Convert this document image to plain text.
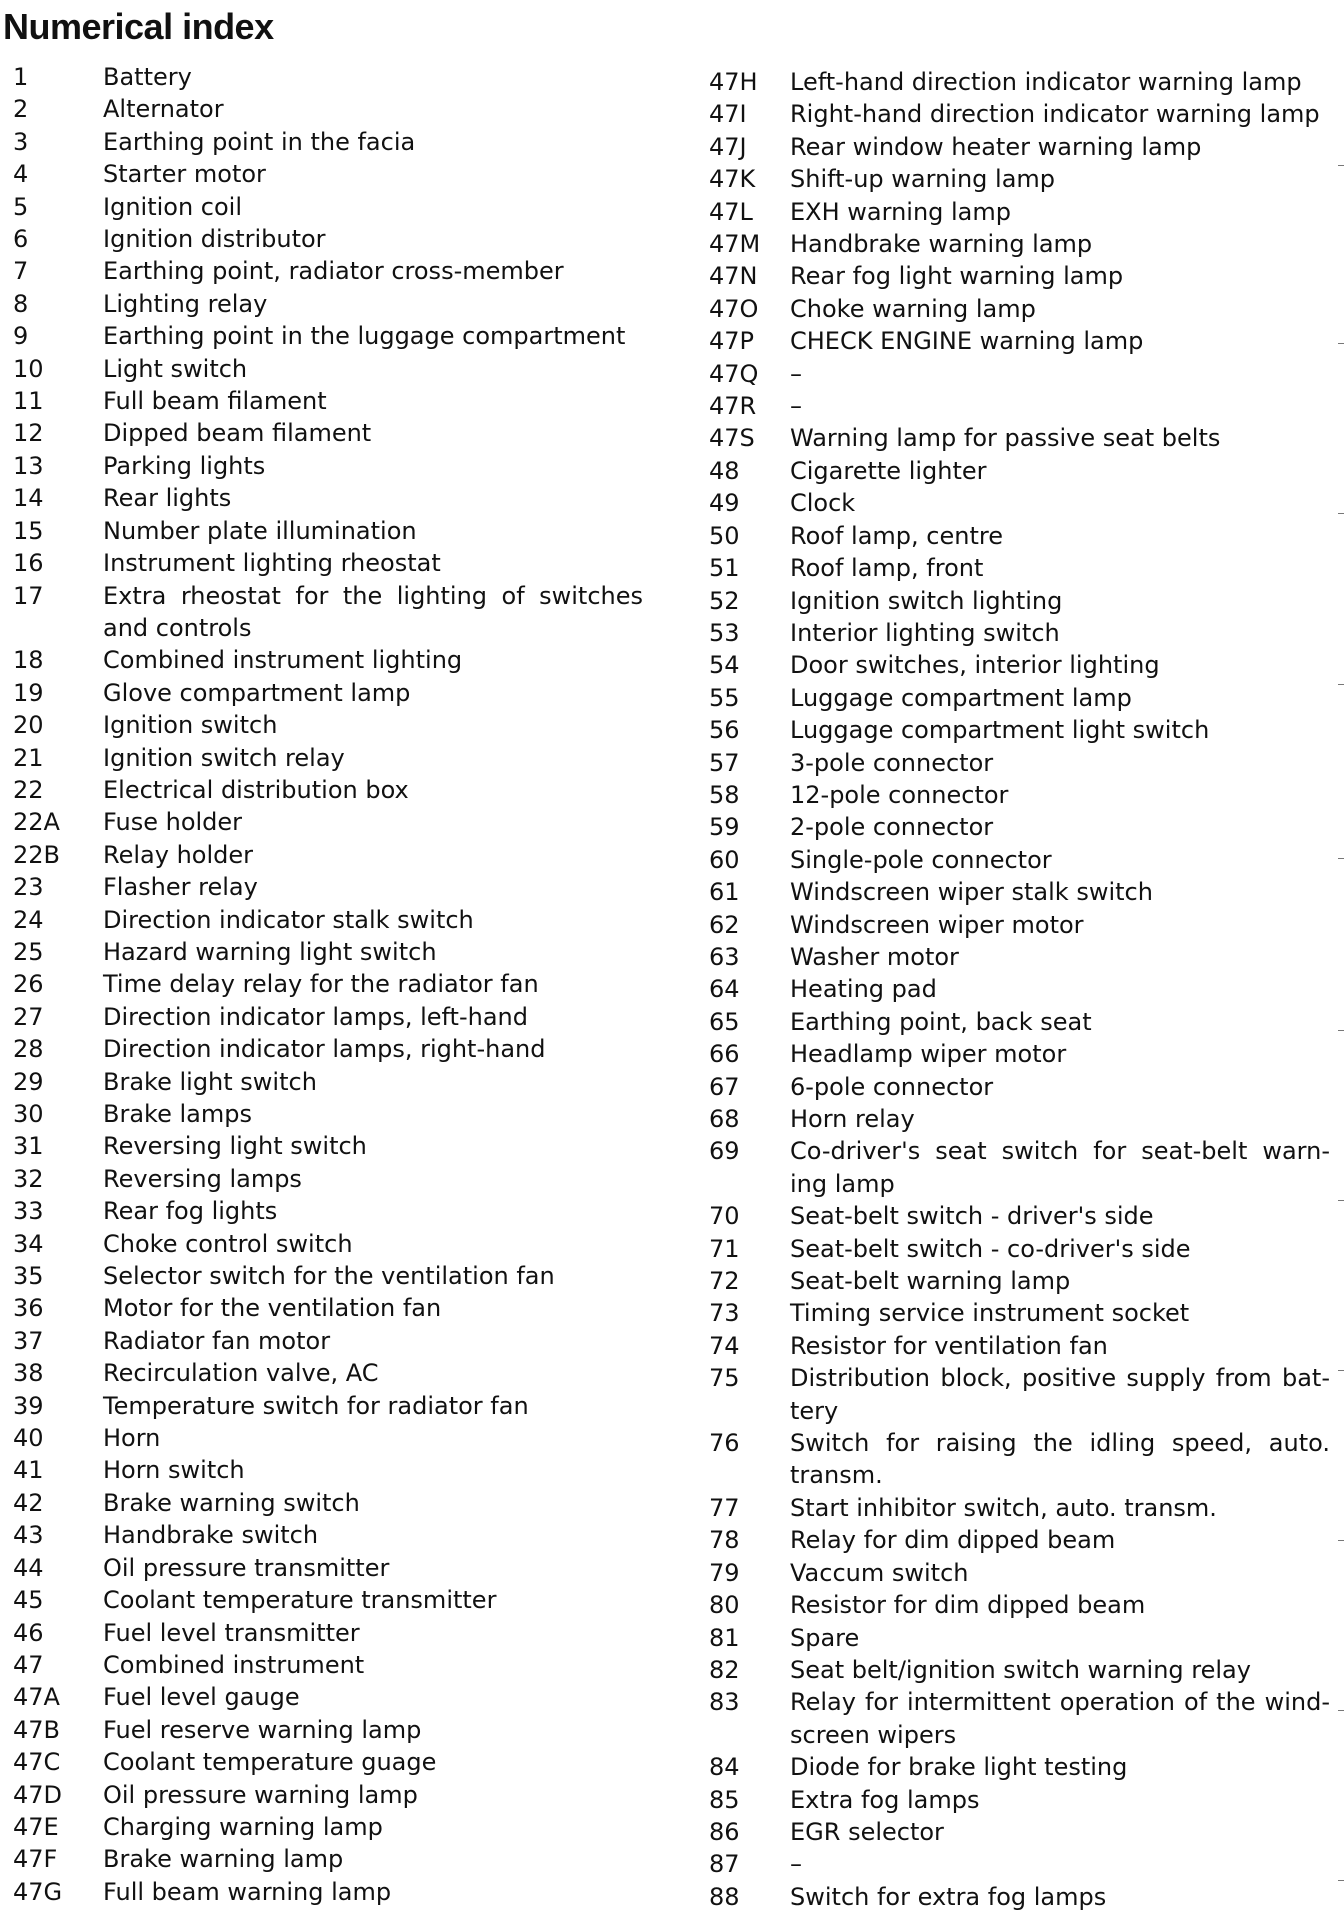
Numerical index
1	Battery
2	Alternator
3	Earthing point in the facia
4	Starter motor
5	Ignition coil
6	Ignition distributor
7	Earthing point, radiator cross-member
8	Lighting relay
9	Earthing point in the luggage compartment
10	Light switch
11	Full beam filament
12	Dipped beam filament
13	Parking lights
14	Rear lights
15	Number plate illumination
16	Instrument lighting rheostat
17	Extra rheostat for the lighting of switches and controls
18	Combined instrument lighting
19	Glove compartment lamp
20	Ignition switch
21	Ignition switch relay
22	Electrical distribution box
22A	Fuse holder
22B	Relay holder
23	Flasher relay
24	Direction indicator stalk switch
25	Hazard warning light switch
26	Time delay relay for the radiator fan
27	Direction indicator lamps, left-hand
28	Direction indicator lamps, right-hand
29	Brake light switch
30	Brake lamps
31	Reversing light switch
32	Reversing lamps
33	Rear fog lights
34	Choke control switch
35	Selector switch for the ventilation fan
36	Motor for the ventilation fan
37	Radiator fan motor
38	Recirculation valve, AC
39	Temperature switch for radiator fan
40	Horn
41	Horn switch
42	Brake warning switch
43	Handbrake switch
44	Oil pressure transmitter
45	Coolant temperature transmitter
46	Fuel level transmitter
47	Combined instrument
47A	Fuel level gauge
47B	Fuel reserve warning lamp
47C	Coolant temperature guage
47D	Oil pressure warning lamp
47E	Charging warning lamp
47F	Brake warning lamp
47G	Full beam warning lamp
47H	Left-hand direction indicator warning lamp
47I	Right-hand direction indicator warning lamp
47J	Rear window heater warning lamp
47K	Shift-up warning lamp
47L	EXH warning lamp
47M	Handbrake warning lamp
47N	Rear fog light warning lamp
47O	Choke warning lamp
47P	CHECK ENGINE warning lamp
47Q	–
47R	–
47S	Warning lamp for passive seat belts
48	Cigarette lighter
49	Clock
50	Roof lamp, centre
51	Roof lamp, front
52	Ignition switch lighting
53	Interior lighting switch
54	Door switches, interior lighting
55	Luggage compartment lamp
56	Luggage compartment light switch
57	3-pole connector
58	12-pole connector
59	2-pole connector
60	Single-pole connector
61	Windscreen wiper stalk switch
62	Windscreen wiper motor
63	Washer motor
64	Heating pad
65	Earthing point, back seat
66	Headlamp wiper motor
67	6-pole connector
68	Horn relay
69	Co-driver's seat switch for seat-belt warn-ing lamp
70	Seat-belt switch - driver's side
71	Seat-belt switch - co-driver's side
72	Seat-belt warning lamp
73	Timing service instrument socket
74	Resistor for ventilation fan
75	Distribution block, positive supply from bat-tery
76	Switch for raising the idling speed, auto. transm.
77	Start inhibitor switch, auto. transm.
78	Relay for dim dipped beam
79	Vaccum switch
80	Resistor for dim dipped beam
81	Spare
82	Seat belt/ignition switch warning relay
83	Relay for intermittent operation of the wind-screen wipers
84	Diode for brake light testing
85	Extra fog lamps
86	EGR selector
87	–
88	Switch for extra fog lamps
